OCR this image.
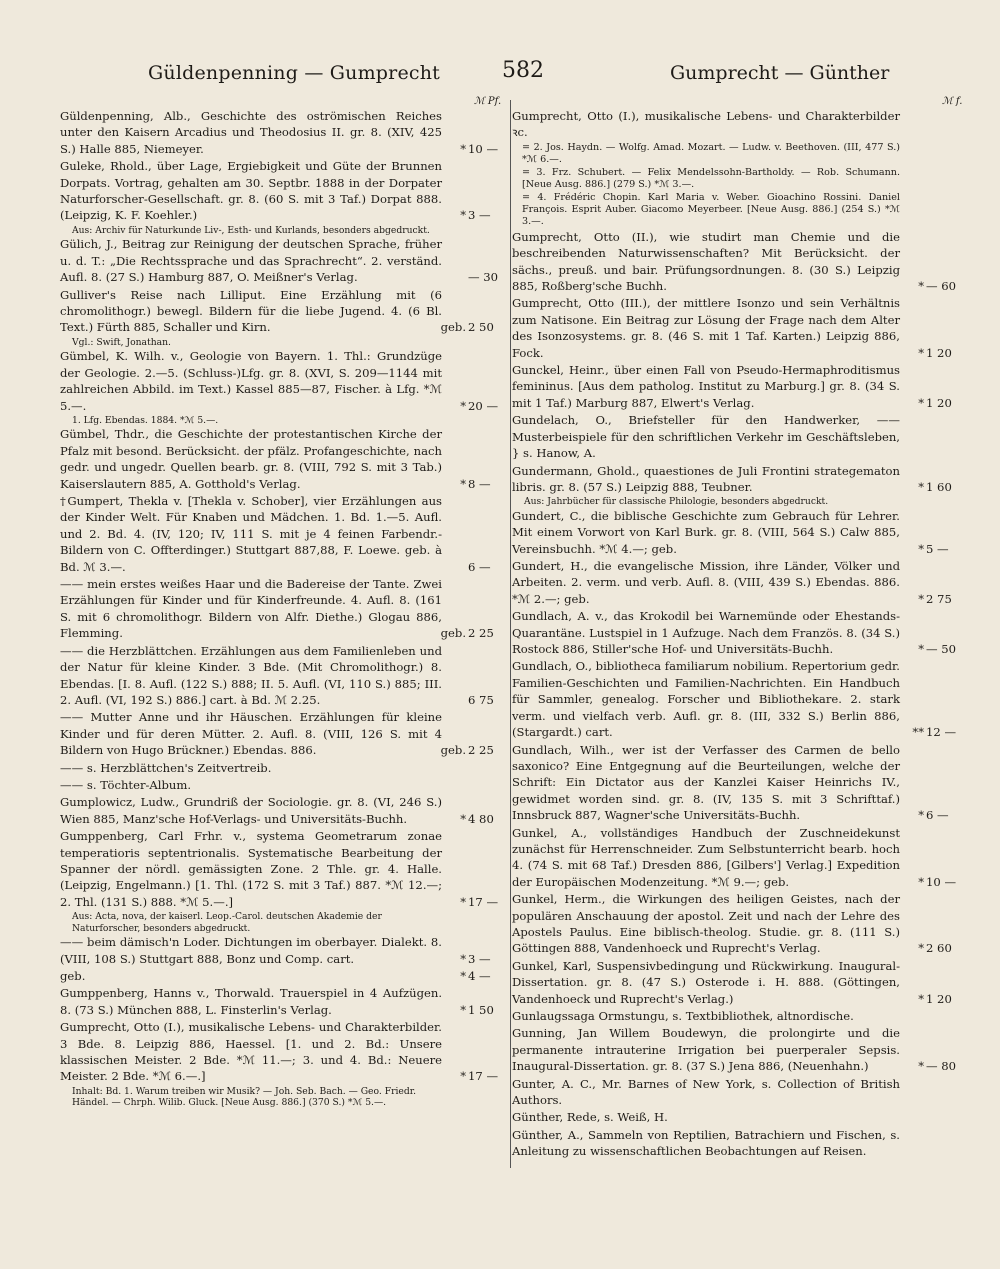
Güldenpenning — Gumprecht	582	Gumprecht — Günther
ℳ Pf.	ℳ f.
Güldenpenning, Alb., Geschichte des oströmischen Reiches unter den Kaisern Arcadius und Theodosius II. gr. 8. (XIV, 425 S.) Halle 885, Niemeyer.	* 10 —
Guleke, Rhold., über Lage, Ergiebigkeit und Güte der Brunnen Dorpats. Vortrag, gehalten am 30. Septbr. 1888 in der Dorpater Naturforscher-Gesellschaft. gr. 8. (60 S. mit 3 Taf.) Dorpat 888. (Leipzig, K. F. Koehler.)	* 3 —
Aus: Archiv für Naturkunde Liv-, Esth- und Kurlands, besonders abgedruckt.
Gülich, J., Beitrag zur Reinigung der deutschen Sprache, früher u. d. T.: „Die Rechtssprache und das Sprachrecht“. 2. verständ. Aufl. 8. (27 S.) Hamburg 887, O. Meißner's Verlag.	— 30
Gulliver's Reise nach Lilliput. Eine Erzählung mit (6 chromolithogr.) bewegl. Bildern für die liebe Jugend. 4. (6 Bl. Text.) Fürth 885, Schaller und Kirn.	geb. 2 50
Vgl.: Swift, Jonathan.
Gümbel, K. Wilh. v., Geologie von Bayern. 1. Thl.: Grundzüge der Geologie. 2.—5. (Schluss-)Lfg. gr. 8. (XVI, S. 209—1144 mit zahlreichen Abbild. im Text.) Kassel 885—87, Fischer. à Lfg. *ℳ 5.—.	* 20 —
1. Lfg. Ebendas. 1884. *ℳ 5.—.
Gümbel, Thdr., die Geschichte der protestantischen Kirche der Pfalz mit besond. Berücksicht. der pfälz. Profangeschichte, nach gedr. und ungedr. Quellen bearb. gr. 8. (VIII, 792 S. mit 3 Tab.) Kaiserslautern 885, A. Gotthold's Verlag.	* 8 —
†Gumpert, Thekla v. [Thekla v. Schober], vier Erzählungen aus der Kinder Welt. Für Knaben und Mädchen. 1. Bd. 1.—5. Aufl. und 2. Bd. 4. (IV, 120; IV, 111 S. mit je 4 feinen Farbendr.-Bildern von C. Offterdinger.) Stuttgart 887,88, F. Loewe. geb. à Bd. ℳ 3.—.	6 —
—— mein erstes weißes Haar und die Badereise der Tante. Zwei Erzählungen für Kinder und für Kinderfreunde. 4. Aufl. 8. (161 S. mit 6 chromolithogr. Bildern von Alfr. Diethe.) Glogau 886, Flemming.	geb. 2 25
—— die Herzblättchen. Erzählungen aus dem Familienleben und der Natur für kleine Kinder. 3 Bde. (Mit Chromolithogr.) 8. Ebendas. [I. 8. Aufl. (122 S.) 888; II. 5. Aufl. (VI, 110 S.) 885; III. 2. Aufl. (VI, 192 S.) 886.] cart. à Bd. ℳ 2.25.	6 75
—— Mutter Anne und ihr Häuschen. Erzählungen für kleine Kinder und für deren Mütter. 2. Aufl. 8. (VIII, 126 S. mit 4 Bildern von Hugo Brückner.) Ebendas. 886.	geb. 2 25
—— s. Herzblättchen's Zeitvertreib.
—— s. Töchter-Album.
Gumplowicz, Ludw., Grundriß der Sociologie. gr. 8. (VI, 246 S.) Wien 885, Manz'sche Hof-Verlags- und Universitäts-Buchh.	* 4 80
Gumppenberg, Carl Frhr. v., systema Geometrarum zonae temperatioris septentrionalis. Systematische Bearbeitung der Spanner der nördl. gemässigten Zone. 2 Thle. gr. 4. Halle. (Leipzig, Engelmann.) [1. Thl. (172 S. mit 3 Taf.) 887. *ℳ 12.—; 2. Thl. (131 S.) 888. *ℳ 5.—.]	* 17 —
Aus: Acta, nova, der kaiserl. Leop.-Carol. deutschen Akademie der Naturforscher, besonders abgedruckt.
—— beim dämisch'n Loder. Dichtungen im oberbayer. Dialekt. 8. (VIII, 108 S.) Stuttgart 888, Bonz und Comp. cart.	* 3 —
geb.	* 4 —
Gumppenberg, Hanns v., Thorwald. Trauerspiel in 4 Aufzügen. 8. (73 S.) München 888, L. Finsterlin's Verlag.	* 1 50
Gumprecht, Otto (I.), musikalische Lebens- und Charakterbilder. 3 Bde. 8. Leipzig 886, Haessel. [1. und 2. Bd.: Unsere klassischen Meister. 2 Bde. *ℳ 11.—; 3. und 4. Bd.: Neuere Meister. 2 Bde. *ℳ 6.—.]	* 17 —
Inhalt: Bd. 1. Warum treiben wir Musik? — Joh. Seb. Bach. — Geo. Friedr. Händel. — Chrph. Wilib. Gluck. [Neue Ausg. 886.] (370 S.) *ℳ 5.—.
Gumprecht, Otto (I.), musikalische Lebens- und Charakterbilder ꝛc.
= 2. Jos. Haydn. — Wolfg. Amad. Mozart. — Ludw. v. Beethoven. (III, 477 S.) *ℳ 6.—.
= 3. Frz. Schubert. — Felix Mendelssohn-Bartholdy. — Rob. Schumann. [Neue Ausg. 886.] (279 S.) *ℳ 3.—.
= 4. Frédéric Chopin. Karl Maria v. Weber. Gioachino Rossini. Daniel François. Esprit Auber. Giacomo Meyerbeer. [Neue Ausg. 886.] (254 S.) *ℳ 3.—.
Gumprecht, Otto (II.), wie studirt man Chemie und die beschreibenden Naturwissenschaften? Mit Berücksicht. der sächs., preuß. und bair. Prüfungsordnungen. 8. (30 S.) Leipzig 885, Roßberg'sche Buchh.	* — 60
Gumprecht, Otto (III.), der mittlere Isonzo und sein Verhältnis zum Natisone. Ein Beitrag zur Lösung der Frage nach dem Alter des Isonzosystems. gr. 8. (46 S. mit 1 Taf. Karten.) Leipzig 886, Fock.	* 1 20
Gunckel, Heinr., über einen Fall von Pseudo-Hermaphroditismus femininus. [Aus dem patholog. Institut zu Marburg.] gr. 8. (34 S. mit 1 Taf.) Marburg 887, Elwert's Verlag.	* 1 20
Gundelach, O., Briefsteller für den Handwerker, —— Musterbeispiele für den schriftlichen Verkehr im Geschäftsleben, } s. Hanow, A.
Gundermann, Ghold., quaestiones de Juli Frontini strategematon libris. gr. 8. (57 S.) Leipzig 888, Teubner.	* 1 60
Aus: Jahrbücher für classische Philologie, besonders abgedruckt.
Gundert, C., die biblische Geschichte zum Gebrauch für Lehrer. Mit einem Vorwort von Karl Burk. gr. 8. (VIII, 564 S.) Calw 885, Vereinsbuchh. *ℳ 4.—; geb.	* 5 —
Gundert, H., die evangelische Mission, ihre Länder, Völker und Arbeiten. 2. verm. und verb. Aufl. 8. (VIII, 439 S.) Ebendas. 886. *ℳ 2.—; geb.	* 2 75
Gundlach, A. v., das Krokodil bei Warnemünde oder Ehestands-Quarantäne. Lustspiel in 1 Aufzuge. Nach dem Französ. 8. (34 S.) Rostock 886, Stiller'sche Hof- und Universitäts-Buchh.	* — 50
Gundlach, O., bibliotheca familiarum nobilium. Repertorium gedr. Familien-Geschichten und Familien-Nachrichten. Ein Handbuch für Sammler, genealog. Forscher und Bibliothekare. 2. stark verm. und vielfach verb. Aufl. gr. 8. (III, 332 S.) Berlin 886, (Stargardt.) cart.	** 12 —
Gundlach, Wilh., wer ist der Verfasser des Carmen de bello saxonico? Eine Entgegnung auf die Beurteilungen, welche der Schrift: Ein Dictator aus der Kanzlei Kaiser Heinrichs IV., gewidmet worden sind. gr. 8. (IV, 135 S. mit 3 Schrifttaf.) Innsbruck 887, Wagner'sche Universitäts-Buchh.	* 6 —
Gunkel, A., vollständiges Handbuch der Zuschneidekunst zunächst für Herrenschneider. Zum Selbstunterricht bearb. hoch 4. (74 S. mit 68 Taf.) Dresden 886, [Gilbers'] Verlag.] Expedition der Europäischen Modenzeitung. *ℳ 9.—; geb.	* 10 —
Gunkel, Herm., die Wirkungen des heiligen Geistes, nach der populären Anschauung der apostol. Zeit und nach der Lehre des Apostels Paulus. Eine biblisch-theolog. Studie. gr. 8. (111 S.) Göttingen 888, Vandenhoeck und Ruprecht's Verlag.	* 2 60
Gunkel, Karl, Suspensivbedingung und Rückwirkung. Inaugural-Dissertation. gr. 8. (47 S.) Osterode i. H. 888. (Göttingen, Vandenhoeck und Ruprecht's Verlag.)	* 1 20
Gunlaugssaga Ormstungu, s. Textbibliothek, altnordische.
Gunning, Jan Willem Boudewyn, die prolongirte und die permanente intrauterine Irrigation bei puerperaler Sepsis. Inaugural-Dissertation. gr. 8. (37 S.) Jena 886, (Neuenhahn.)	* — 80
Gunter, A. C., Mr. Barnes of New York, s. Collection of British Authors.
Günther, Rede, s. Weiß, H.
Günther, A., Sammeln von Reptilien, Batrachiern und Fischen, s. Anleitung zu wissenschaftlichen Beobachtungen auf Reisen.
